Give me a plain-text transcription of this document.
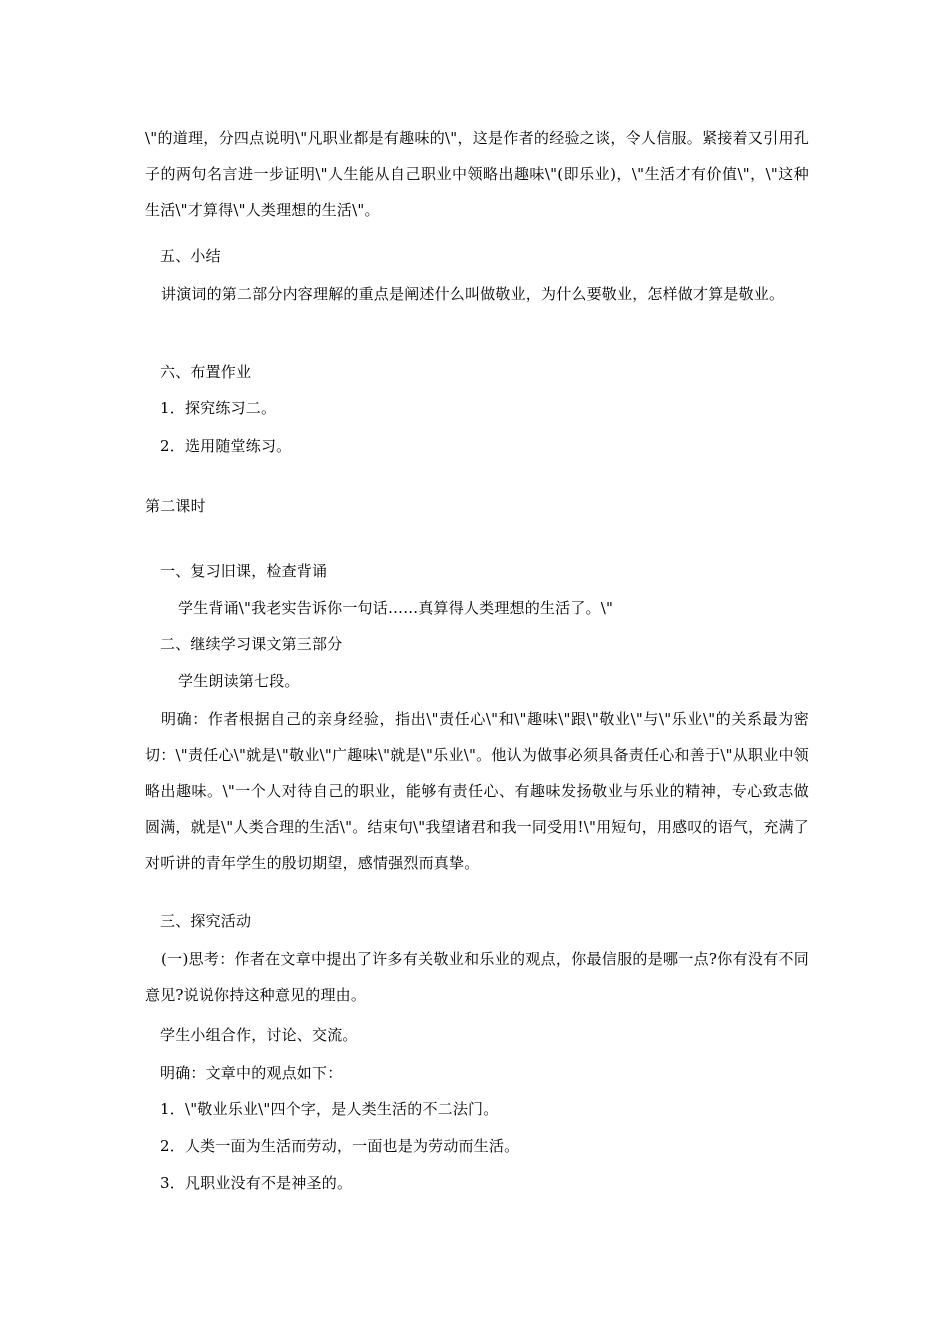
\"的道理，分四点说明\"凡职业都是有趣味的\"，这是作者的经验之谈，令人信服。紧接着又引用孔子的两句名言进一步证明\"人生能从自己职业中领略出趣味\"(即乐业)，\"生活才有价值\"，\"这种生活\"才算得\"人类理想的生活\"。
五、小结
讲演词的第二部分内容理解的重点是阐述什么叫做敬业，为什么要敬业，怎样做才算是敬业。
六、布置作业
1．探究练习二。
2．选用随堂练习。
第二课时
一、复习旧课，检查背诵
学生背诵\"我老实告诉你一句话……真算得人类理想的生活了。\"
二、继续学习课文第三部分
学生朗读第七段。
明确：作者根据自己的亲身经验，指出\"责任心\"和\"趣味\"跟\"敬业\"与\"乐业\"的关系最为密切：\"责任心\"就是\"敬业\"广趣味\"就是\"乐业\"。他认为做事必须具备责任心和善于\"从职业中领略出趣味。\"一个人对待自己的职业，能够有责任心、有趣味发扬敬业与乐业的精神，专心致志做圆满，就是\"人类合理的生活\"。结束句\"我望诸君和我一同受用!\"用短句，用感叹的语气，充满了对听讲的青年学生的殷切期望，感情强烈而真挚。
三、探究活动
(一)思考：作者在文章中提出了许多有关敬业和乐业的观点，你最信服的是哪一点?你有没有不同意见?说说你持这种意见的理由。
学生小组合作，讨论、交流。
明确：文章中的观点如下：
1．\"敬业乐业\"四个字，是人类生活的不二法门。
2．人类一面为生活而劳动，一面也是为劳动而生活。
3．凡职业没有不是神圣的。
